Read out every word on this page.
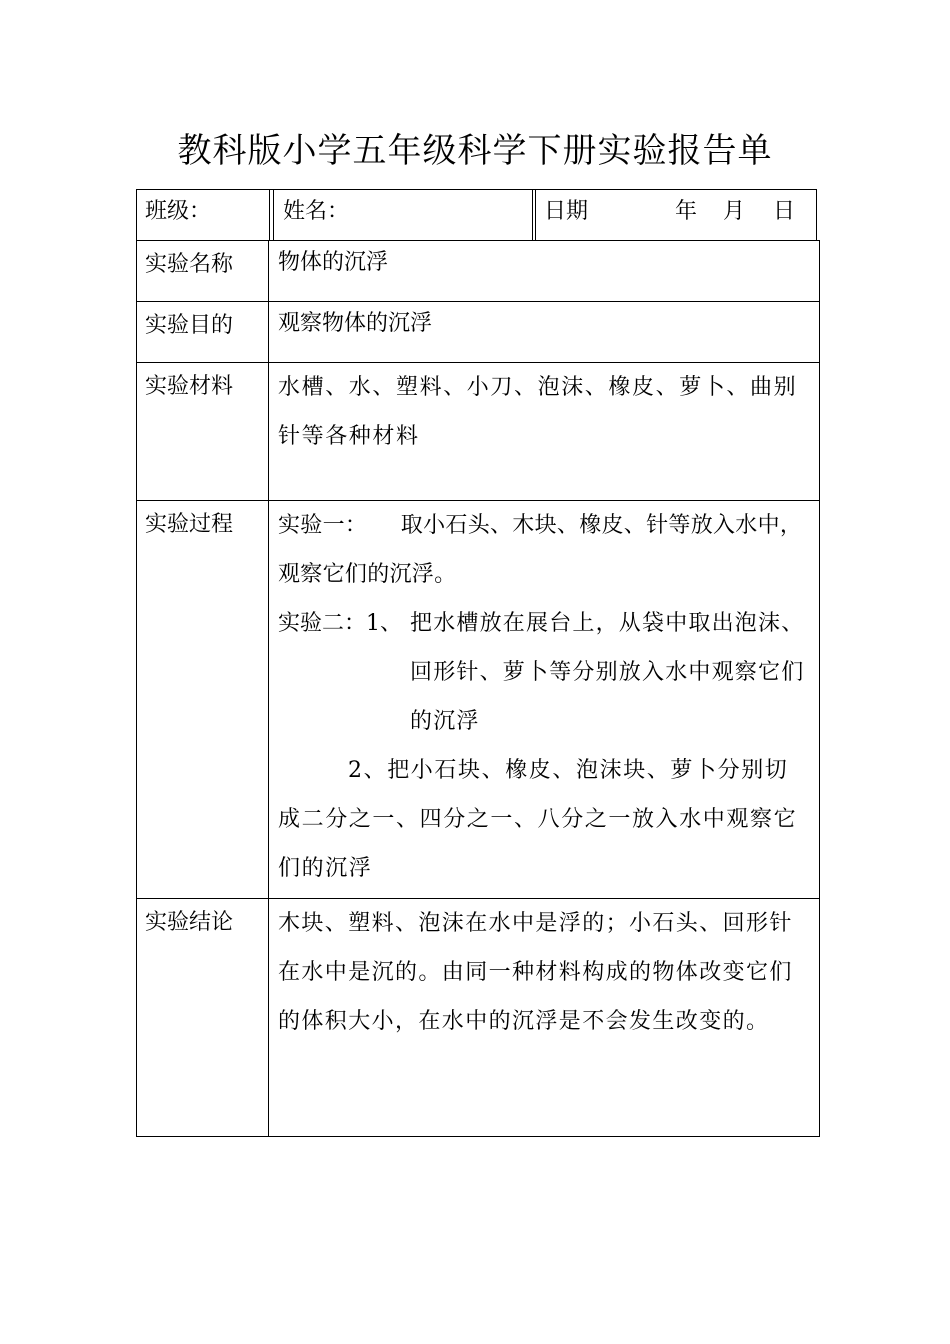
教科版小学五年级科学下册实验报告单
班级：	姓名：	日期	年 月 日
实验名称	物体的沉浮

实验目的	观察物体的沉浮

实验材料	水槽、水、塑料、小刀、泡沫、橡皮、萝卜、曲别针等各种材料

实验过程	实验一：　　取小石头、木块、橡皮、针等放入水中，观察它们的沉浮。

实验二：1、 把水槽放在展台上，从袋中取出泡沫、回形针、萝卜等分别放入水中观察它们的沉浮

2、把小石块、橡皮、泡沫块、萝卜分别切成二分之一、四分之一、八分之一放入水中观察它们的沉浮

实验结论	木块、塑料、泡沫在水中是浮的；小石头、回形针在水中是沉的。由同一种材料构成的物体改变它们的体积大小，在水中的沉浮是不会发生改变的。
